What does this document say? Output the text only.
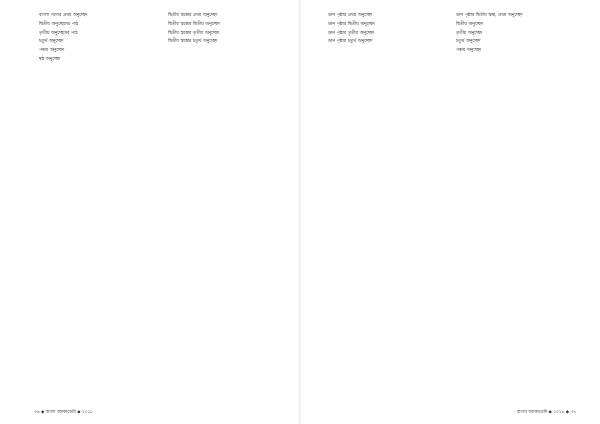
বাংলা গদ্যের প্রথম অনুচ্ছেদ

দ্বিতীয় অনুচ্ছেদের পাঠ

তৃতীয় অনুচ্ছেদের পাঠ

চতুর্থ অনুচ্ছেদ

পঞ্চম অনুচ্ছেদ

ষষ্ঠ অনুচ্ছেদ

দ্বিতীয় স্তম্ভের প্রথম অনুচ্ছেদ

দ্বিতীয় স্তম্ভের দ্বিতীয় অনুচ্ছেদ

দ্বিতীয় স্তম্ভের তৃতীয় অনুচ্ছেদ

দ্বিতীয় স্তম্ভের চতুর্থ অনুচ্ছেদ

৩৬ ◆ বাংলা অ্যাকাডেমি ◆ ২০১৮

ডান পৃষ্ঠার প্রথম অনুচ্ছেদ

ডান পৃষ্ঠার দ্বিতীয় অনুচ্ছেদ

ডান পৃষ্ঠার তৃতীয় অনুচ্ছেদ

ডান পৃষ্ঠার চতুর্থ অনুচ্ছেদ

ডান পৃষ্ঠার দ্বিতীয় স্তম্ভ, প্রথম অনুচ্ছেদ

দ্বিতীয় অনুচ্ছেদ

তৃতীয় অনুচ্ছেদ

চতুর্থ অনুচ্ছেদ

পঞ্চম অনুচ্ছেদ

বাংলা অ্যাকাডেমি ◆ ২০১৮ ◆ ৩৭
